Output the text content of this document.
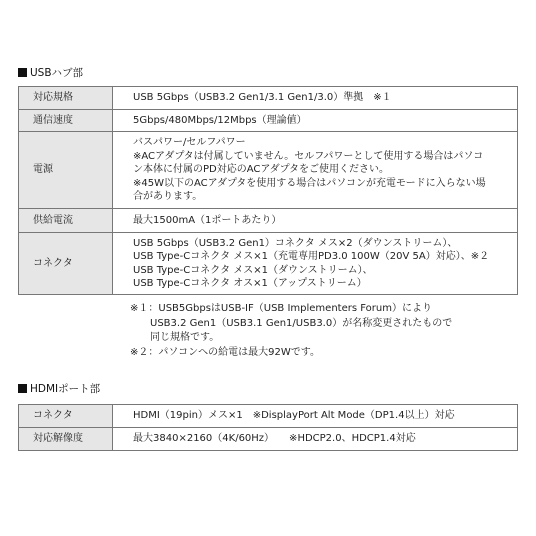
USBハブ部
対応規格	USB 5Gbps（USB3.2 Gen1/3.1 Gen1/3.0）準拠　※１

通信速度	5Gbps/480Mbps/12Mbps（理論値）

電源	バスパワー/セルフパワー
※ACアダプタは付属していません。セルフパワーとして使用する場合はパソコ
ン本体に付属のPD対応のACアダプタをご使用ください。
※45W以下のACアダプタを使用する場合はパソコンが充電モードに入らない場
合があります。

供給電流	最大1500mA（1ポートあたり）

コネクタ	USB 5Gbps（USB3.2 Gen1）コネクタ メス×2（ダウンストリーム）、
USB Type-Cコネクタ メス×1（充電専用PD3.0 100W（20V 5A）対応）、※２
USB Type-Cコネクタ メス×1（ダウンストリーム）、
USB Type-Cコネクタ オス×1（アップストリーム）
※１：USB5GbpsはUSB-IF（USB Implementers Forum）により
USB3.2 Gen1（USB3.1 Gen1/USB3.0）が名称変更されたもので
同じ規格です。
※２：パソコンへの給電は最大92Wです。
HDMIポート部
コネクタ	HDMI（19pin）メス×1　※DisplayPort Alt Mode（DP1.4以上）対応

対応解像度	最大3840×2160（4K/60Hz）　　※HDCP2.0、HDCP1.4対応
